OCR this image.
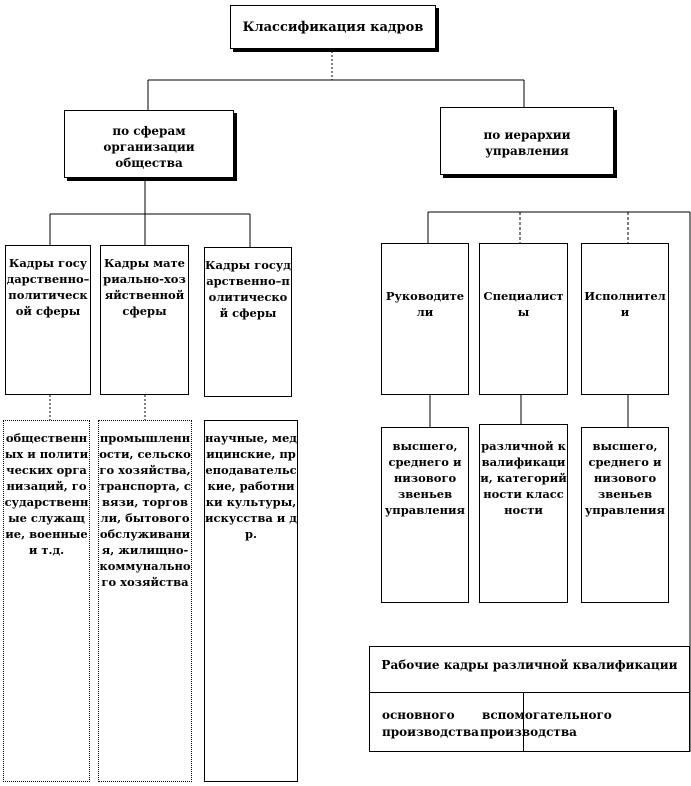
Классификация кадров
по сферам организации общества
по иерархии управления
Кадры государственно–политической сферы
Кадры материально-хозяйственной сферы
Кадры государственно–политической сферы
общественных и политических организаций, государственные служащие, военные и т.д.
промышленности, сельского хозяйства, транспорта, связи, торговли, бытового обслуживания, жилищно-коммунального хозяйства
научные, медицинские, преподавательские, работники культуры, искусства и др.
Руководители
Специалисты
Исполнители
высшего, среднего и низового звеньев управления
различной квалификации, категорийности классности
высшего, среднего и низового звеньев управления
Рабочие кадры различной квалификации
основного производства
вспомогательного производства
